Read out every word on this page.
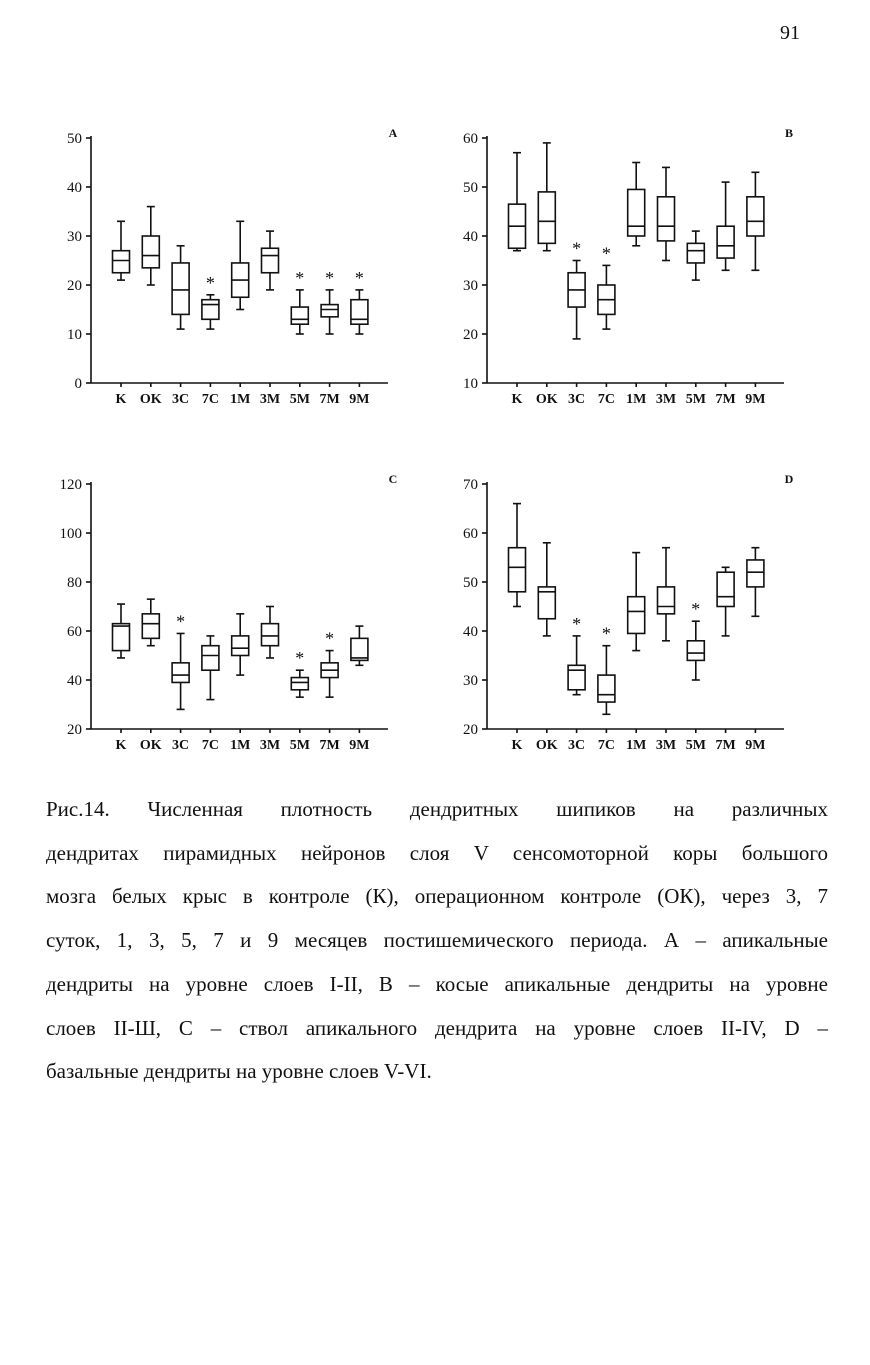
91
0
10
20
30
40
50	A
K OK 3C 7C
*
1M 3M 5M
*
7M
*
9M
*
10
20
30
40
50
60	B
K OK 3C
*
7C
*
1M 3M 5M 7M 9M
20
40
60
80
100
120	C
K OK 3C
*
7C 1M 3M 5M
*
7M
*
9M
20
30
40
50
60
70	D
K OK 3C
*
7C
*
1M 3M 5M
*
7M 9M
Рис.14. Численная плотность дендритных шипиков на различных
дендритах пирамидных нейронов слоя V сенсомоторной коры большого
мозга белых крыс в контроле (К), операционном контроле (ОК), через 3, 7
суток, 1, 3, 5, 7 и 9 месяцев постишемического периода. А – апикальные
дендриты на уровне слоев I-II, В – косые апикальные дендриты на уровне
слоев II-Ш, С – ствол апикального дендрита на уровне слоев II-IV, D –
базальные дендриты на уровне слоев V-VI.
